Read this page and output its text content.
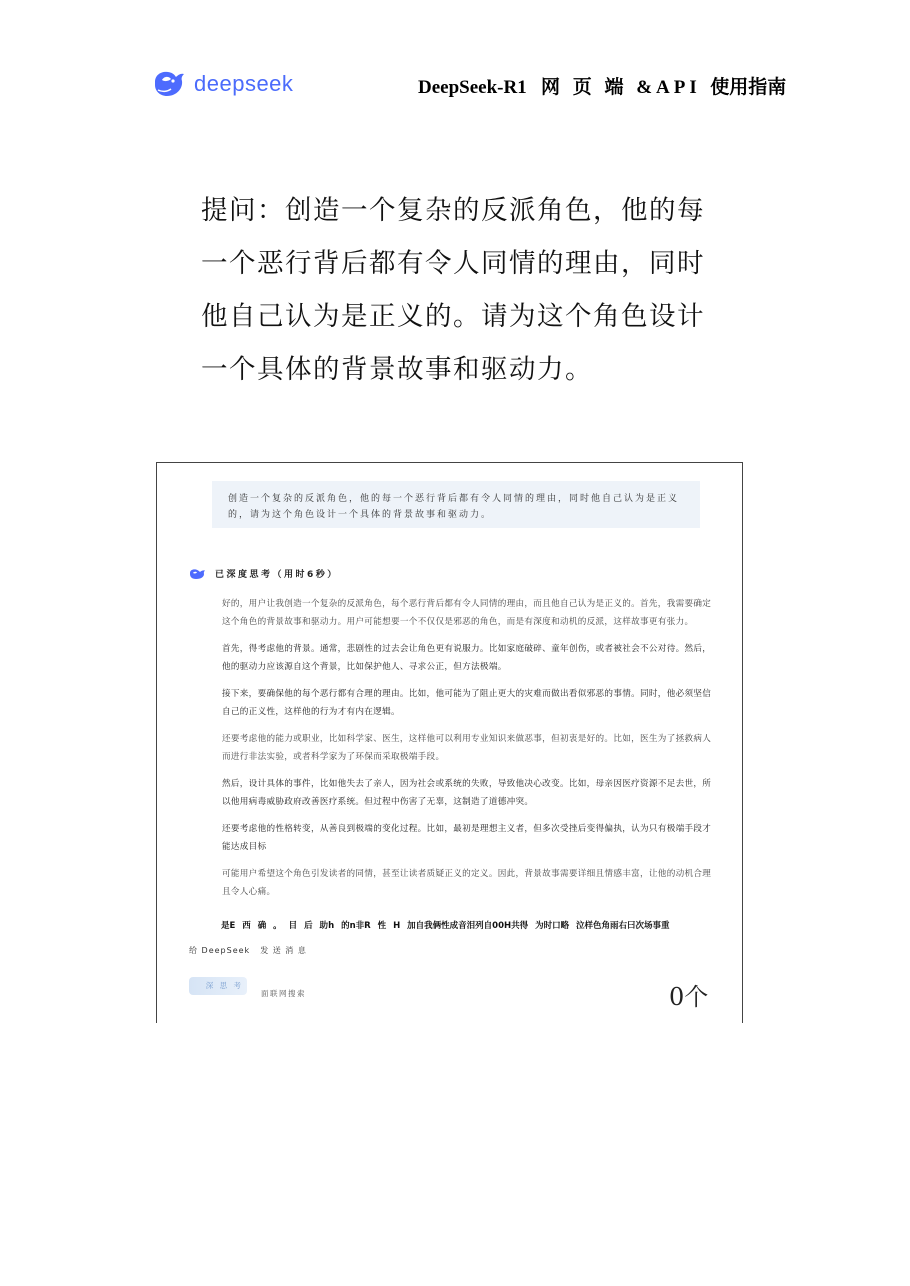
deepseek	DeepSeek-R1 网 页 端 &API 使用指南
提问：创造一个复杂的反派角色，他的每一个恶行背后都有令人同情的理由，同时他自己认为是正义的。请为这个角色设计一个具体的背景故事和驱动力。
创造一个复杂的反派角色，他的每一个恶行背后都有令人同情的理由，同时他自己认为是正义的，请为这个角色设计一个具体的背景故事和驱动力。
已深度思考（用时6秒）

好的，用户让我创造一个复杂的反派角色，每个恶行背后都有令人同情的理由，而且他自己认为是正义的。首先，我需要确定这个角色的背景故事和驱动力。用户可能想要一个不仅仅是邪恶的角色，而是有深度和动机的反派，这样故事更有张力。

首先，得考虑他的背景。通常，悲剧性的过去会让角色更有说服力。比如家庭破碎、童年创伤，或者被社会不公对待。然后，他的驱动力应该源自这个背景，比如保护他人、寻求公正，但方法极端。

接下来，要确保他的每个恶行都有合理的理由。比如，他可能为了阻止更大的灾难而做出看似邪恶的事情。同时，他必须坚信自己的正义性，这样他的行为才有内在逻辑。

还要考虑他的能力或职业，比如科学家、医生，这样他可以利用专业知识来做恶事，但初衷是好的。比如，医生为了拯救病人而进行非法实验，或者科学家为了环保而采取极端手段。

然后，设计具体的事件，比如他失去了亲人，因为社会或系统的失败，导致他决心改变。比如，母亲因医疗资源不足去世，所以他用病毒威胁政府改善医疗系统。但过程中伤害了无辜，这制造了道德冲突。

还要考虑他的性格转变，从善良到极端的变化过程。比如，最初是理想主义者，但多次受挫后变得偏执，认为只有极端手段才能达成目标

可能用户希望这个角色引发读者的同情，甚至让读者质疑正义的定义。因此，背景故事需要详细且情感丰富，让他的动机合理且令人心痛。

是E 西 确 。 目 后 助h 的n非R 性 H 加自我俩性成音泪列自00H共得 为时口略 泣样色角雨右曰次场事重
给 DeepSeek 发 送 消 息
深 思 考
面联网搜索	0个
